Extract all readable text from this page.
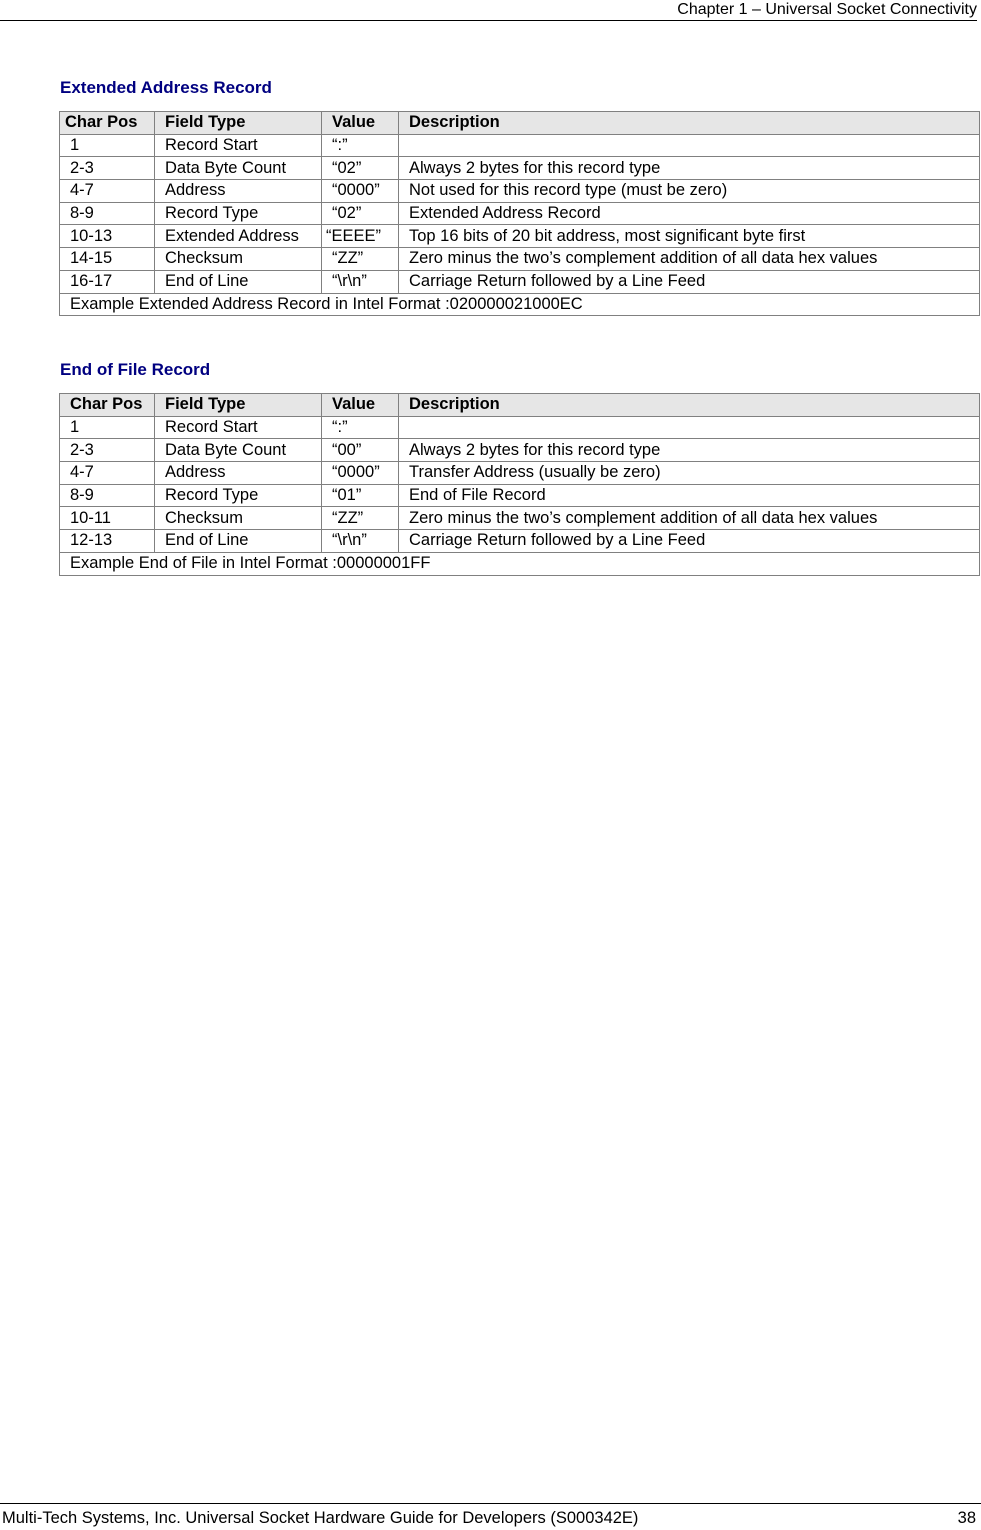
Chapter 1 – Universal Socket Connectivity
Extended Address Record
Char Pos	Field Type	Value	Description
1	Record Start	“:”	
2-3	Data Byte Count	“02”	Always 2 bytes for this record type
4-7	Address	“0000”	Not used for this record type (must be zero)
8-9	Record Type	“02”	Extended Address Record
10-13	Extended Address	“EEEE”	Top 16 bits of 20 bit address, most significant byte first
14-15	Checksum	“ZZ”	Zero minus the two’s complement addition of all data hex values
16-17	End of Line	“\r\n”	Carriage Return followed by a Line Feed
Example Extended Address Record in Intel Format :020000021000EC			
End of File Record
Char Pos	Field Type	Value	Description
1	Record Start	“:”	
2-3	Data Byte Count	“00”	Always 2 bytes for this record type
4-7	Address	“0000”	Transfer Address (usually be zero)
8-9	Record Type	“01”	End of File Record
10-11	Checksum	“ZZ”	Zero minus the two’s complement addition of all data hex values
12-13	End of Line	“\r\n”	Carriage Return followed by a Line Feed
Example End of File in Intel Format :00000001FF			
Multi-Tech Systems, Inc. Universal Socket Hardware Guide for Developers (S000342E)	38
